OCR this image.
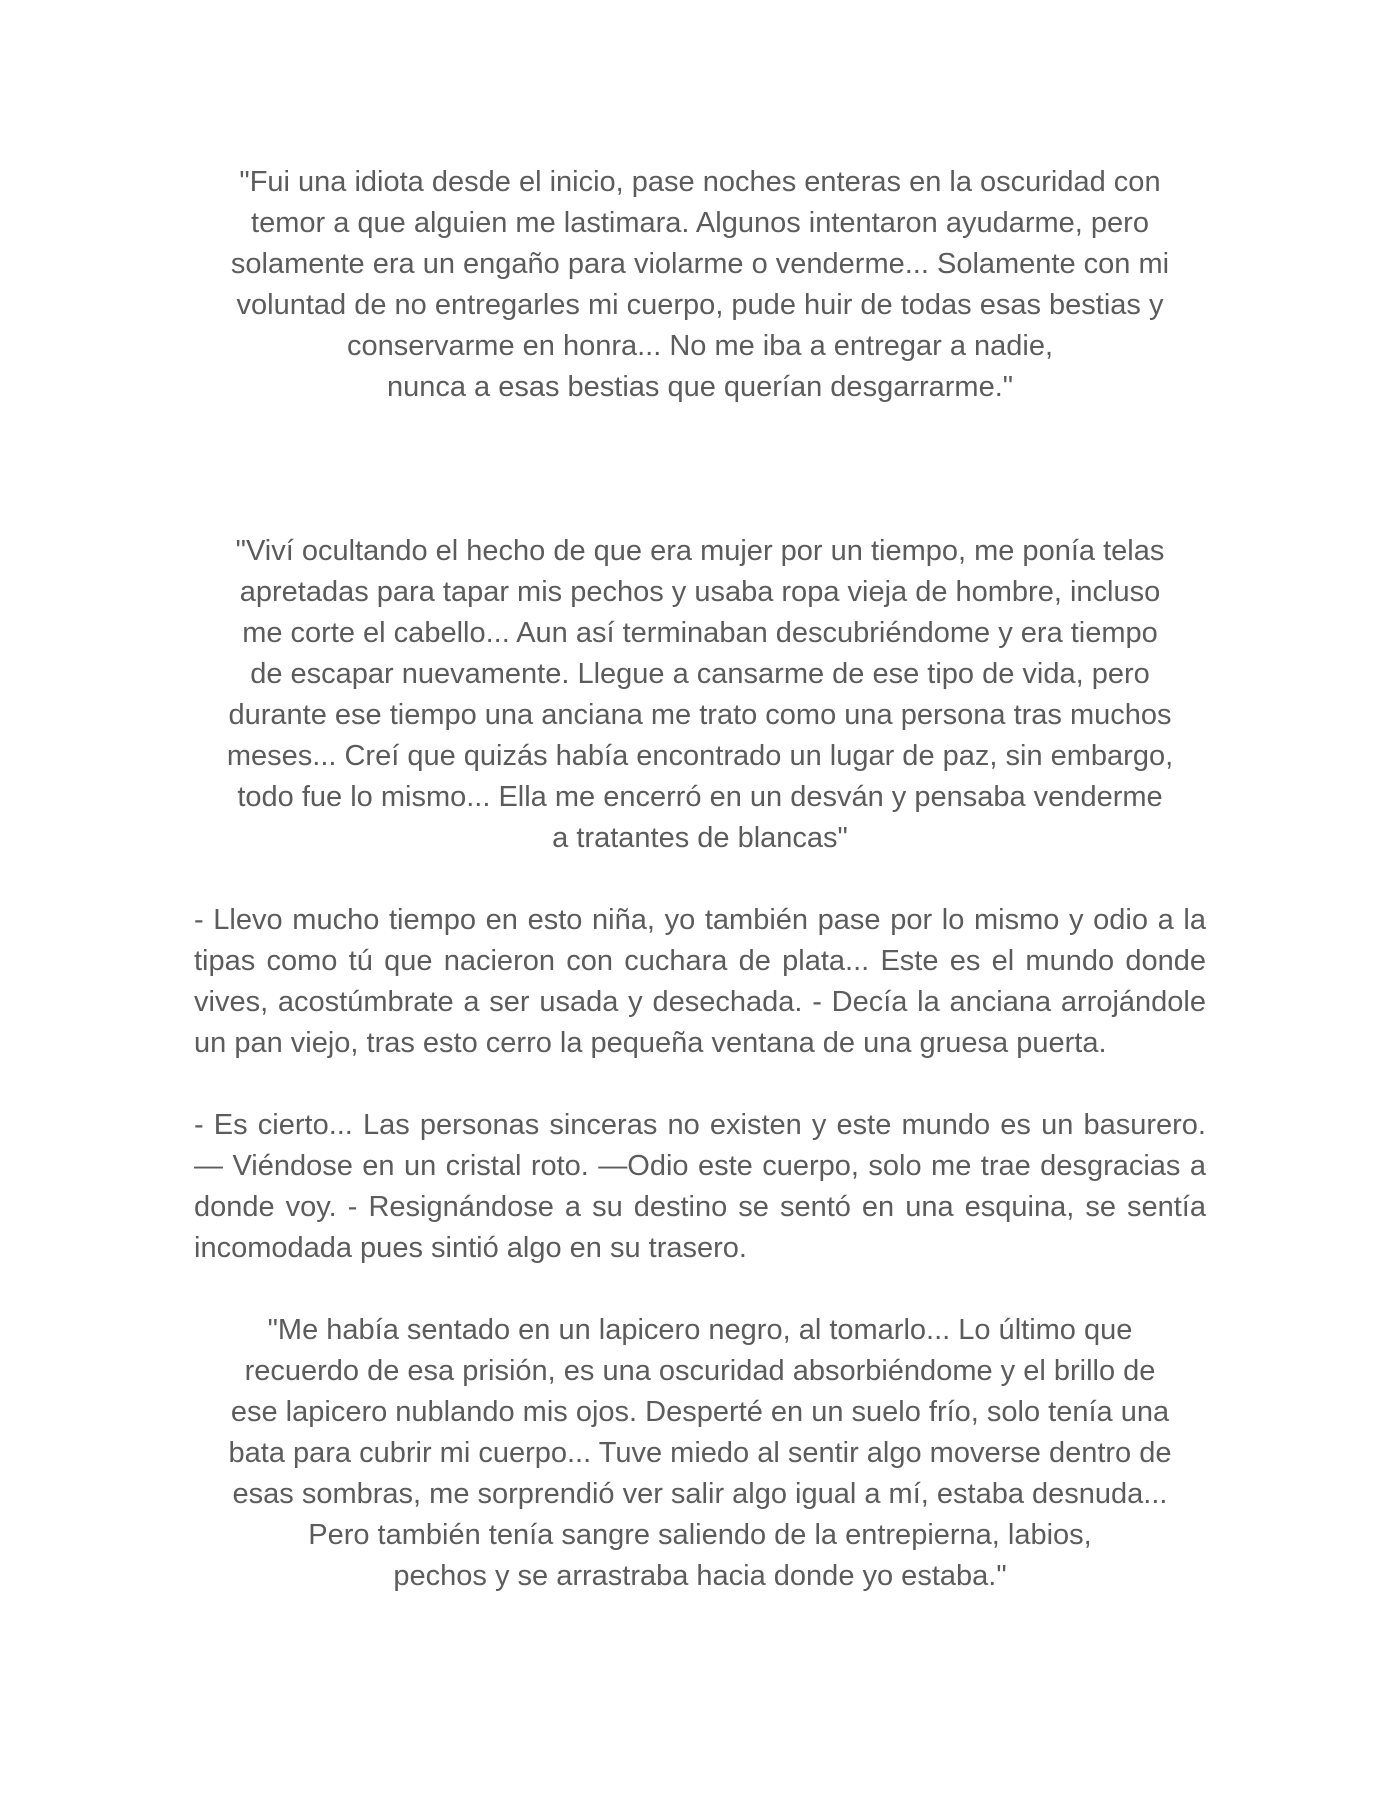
"Fui una idiota desde el inicio, pase noches enteras en la oscuridad con
temor a que alguien me lastimara. Algunos intentaron ayudarme, pero
solamente era un engaño para violarme o venderme... Solamente con mi
voluntad de no entregarles mi cuerpo, pude huir de todas esas bestias y
conservarme en honra... No me iba a entregar a nadie,
nunca a esas bestias que querían desgarrarme."
"Viví ocultando el hecho de que era mujer por un tiempo, me ponía telas
apretadas para tapar mis pechos y usaba ropa vieja de hombre, incluso
me corte el cabello... Aun así terminaban descubriéndome y era tiempo
de escapar nuevamente. Llegue a cansarme de ese tipo de vida, pero
durante ese tiempo una anciana me trato como una persona tras muchos
meses... Creí que quizás había encontrado un lugar de paz, sin embargo,
todo fue lo mismo... Ella me encerró en un desván y pensaba venderme
a tratantes de blancas"

- Llevo mucho tiempo en esto niña, yo también pase por lo mismo y odio a la tipas como tú que nacieron con cuchara de plata... Este es el mundo donde vives, acostúmbrate a ser usada y desechada. - Decía la anciana arrojándole un pan viejo, tras esto cerro la pequeña ventana de una gruesa puerta.

- Es cierto... Las personas sinceras no existen y este mundo es un basurero. — Viéndose en un cristal roto. —Odio este cuerpo, solo me trae desgracias a donde voy. - Resignándose a su destino se sentó en una esquina, se sentía incomodada pues sintió algo en su trasero.

"Me había sentado en un lapicero negro, al tomarlo... Lo último que
recuerdo de esa prisión, es una oscuridad absorbiéndome y el brillo de
ese lapicero nublando mis ojos. Desperté en un suelo frío, solo tenía una
bata para cubrir mi cuerpo... Tuve miedo al sentir algo moverse dentro de
esas sombras, me sorprendió ver salir algo igual a mí, estaba desnuda...
Pero también tenía sangre saliendo de la entrepierna, labios,
pechos y se arrastraba hacia donde yo estaba."
